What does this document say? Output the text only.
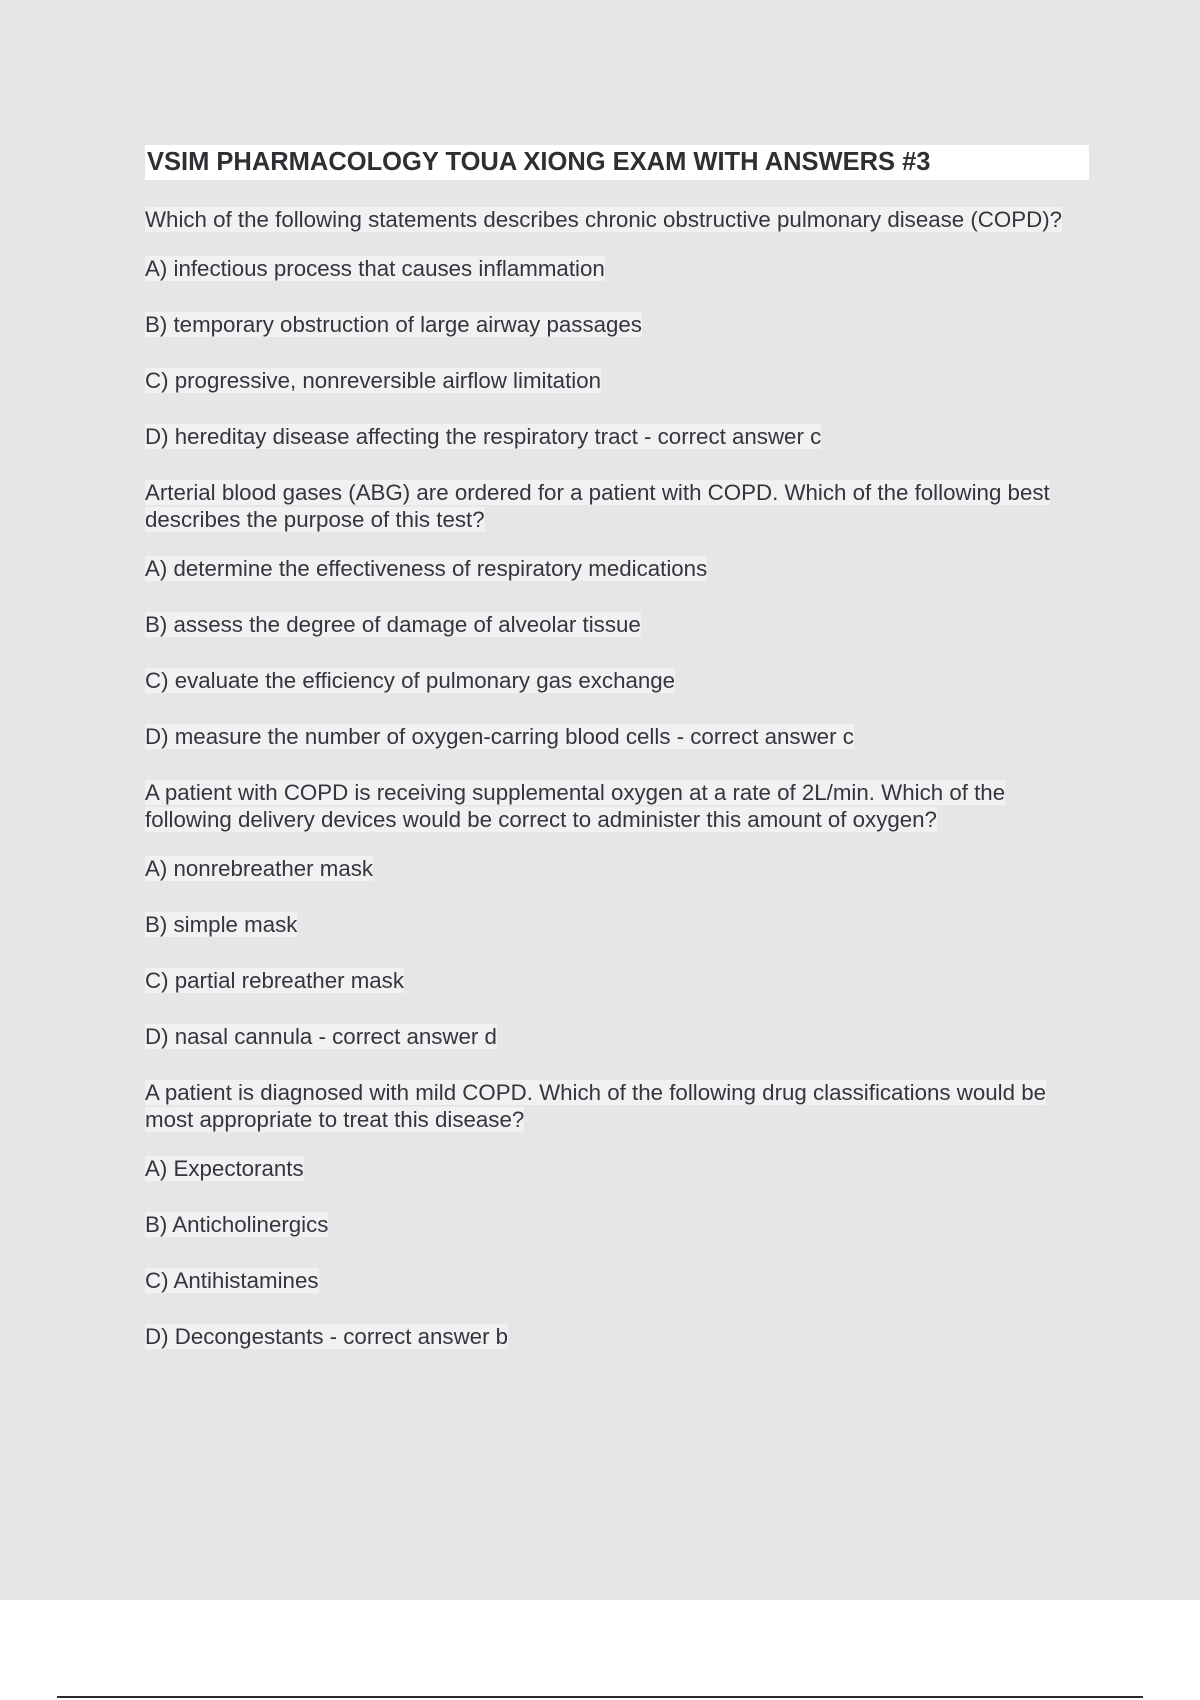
VSIM PHARMACOLOGY TOUA XIONG EXAM WITH ANSWERS #3

Which of the following statements describes chronic obstructive pulmonary disease (COPD)?

A) infectious process that causes inflammation

B) temporary obstruction of large airway passages

C) progressive, nonreversible airflow limitation

D) hereditay disease affecting the respiratory tract - correct answer c

Arterial blood gases (ABG) are ordered for a patient with COPD. Which of the following best describes the purpose of this test?

A) determine the effectiveness of respiratory medications

B) assess the degree of damage of alveolar tissue

C) evaluate the efficiency of pulmonary gas exchange

D) measure the number of oxygen-carring blood cells - correct answer c

A patient with COPD is receiving supplemental oxygen at a rate of 2L/min. Which of the following delivery devices would be correct to administer this amount of oxygen?

A) nonrebreather mask

B) simple mask

C) partial rebreather mask

D) nasal cannula - correct answer d

A patient is diagnosed with mild COPD. Which of the following drug classifications would be most appropriate to treat this disease?

A) Expectorants

B) Anticholinergics

C) Antihistamines

D) Decongestants - correct answer b
